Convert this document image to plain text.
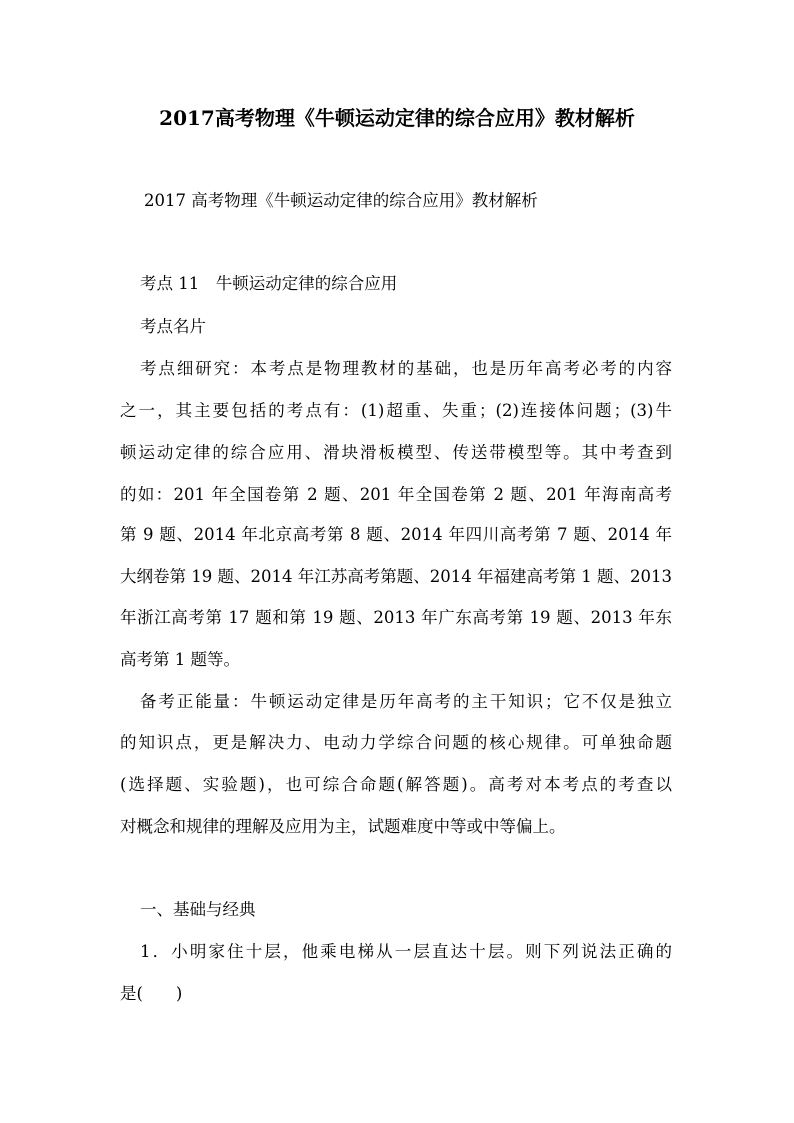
2017高考物理《牛顿运动定律的综合应用》教材解析
2017 高考物理《牛顿运动定律的综合应用》教材解析
考点 11　牛顿运动定律的综合应用
考点名片
考点细研究：本考点是物理教材的基础，也是历年高考必考的内容
之一，其主要包括的考点有：(1)超重、失重；(2)连接体问题；(3)牛
顿运动定律的综合应用、滑块滑板模型、传送带模型等。其中考查到
的如：201 年全国卷第 2 题、201 年全国卷第 2 题、201 年海南高考
第 9 题、2014 年北京高考第 8 题、2014 年四川高考第 7 题、2014 年
大纲卷第 19 题、2014 年江苏高考第题、2014 年福建高考第 1 题、2013
年浙江高考第 17 题和第 19 题、2013 年广东高考第 19 题、2013 年东
高考第 1 题等。
备考正能量：牛顿运动定律是历年高考的主干知识；它不仅是独立
的知识点，更是解决力、电动力学综合问题的核心规律。可单独命题
(选择题、实验题)，也可综合命题(解答题)。高考对本考点的考查以
对概念和规律的理解及应用为主，试题难度中等或中等偏上。
一、基础与经典
1．小明家住十层，他乘电梯从一层直达十层。则下列说法正确的
是(　　)
